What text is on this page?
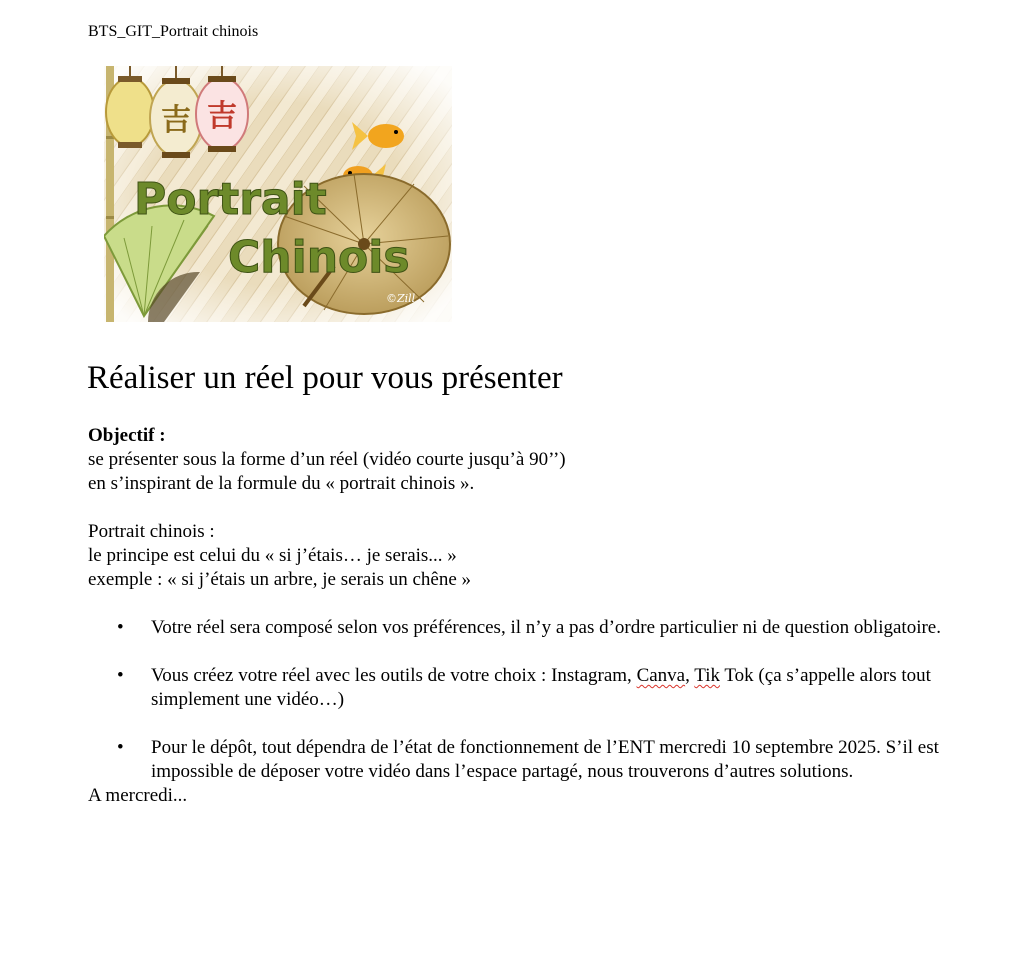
BTS_GIT_Portrait chinois
吉 吉
Portrait
Chinois
©Zill
Réaliser un réel pour vous présenter

Objectif :

se présenter sous la forme d’un réel (vidéo courte jusqu’à 90’’)

en s’inspirant de la formule du « portrait chinois ».

Portrait chinois :

le principe est celui du « si j’étais… je serais... »

exemple : « si j’étais un arbre, je serais un chêne »

• Votre réel sera composé selon vos préférences, il n’y a pas d’ordre particulier ni de question obligatoire.
• Vous créez votre réel avec les outils de votre choix : Instagram, Canva, Tik Tok (ça s’appelle alors tout simplement une vidéo…)
• Pour le dépôt, tout dépendra de l’état de fonctionnement de l’ENT mercredi 10 septembre 2025. S’il est impossible de déposer votre vidéo dans l’espace partagé, nous trouverons d’autres solutions.

A mercredi...
